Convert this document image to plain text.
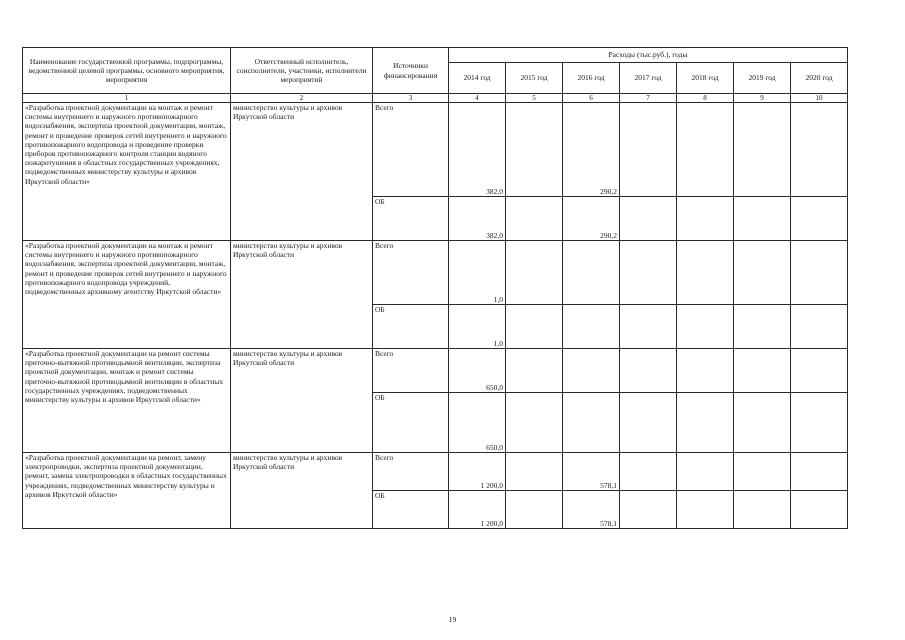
Наименование государственной программы, подпрограммы, ведомственной целевой программы, основного мероприятия, мероприятия	Ответственный исполнитель, соисполнители, участники, исполнители мероприятий	Источники финансирования	Расходы (тыс.руб.), годы						
			2014 год	2015 год	2016 год	2017 год	2018 год	2019 год	2020 год
1	2	3	4	5	6	7	8	9	10
«Разработка проектной документации на монтаж и ремонт системы внутреннего и наружного противопожарного водоснабжения, экспертиза проектной документации, монтаж, ремонт и проведение проверок сетей внутреннего и наружного противопожарного водопровода и проведение проверки приборов противопожарного контроля станции водяного пожаротушения в областных государственных учреждениях, подведомственных министерству культуры и архивов Иркутской области»	министерство культуры и архивов Иркутской области	Всего	382,0		290,2				
		ОБ	382,0		290,2				
«Разработка проектной документации на монтаж и ремонт системы внутреннего и наружного противопожарного водоснабжения, экспертиза проектной документации, монтаж, ремонт и проведение проверок сетей внутреннего и наружного противопожарного водопровода учреждений, подведомственных архивному агентству Иркутской области»	министерство культуры и архивов Иркутской области	Всего	1,0						
		ОБ	1,0						
«Разработка проектной документации на ремонт системы приточно-вытяжной противодымной вентиляции, экспертиза проектной документации, монтаж и ремонт системы приточно-вытяжной противодымной вентиляции в областных государственных учреждениях, подведомственных министерству культуры и архивов Иркутской области»	министерство культуры и архивов Иркутской области	Всего	650,0						
		ОБ	650,0						
«Разработка проектной документации на ремонт, замену электропроводки, экспертиза проектной документации, ремонт, замена электропроводки в областных государственных учреждениях, подведомственных министерству культуры и архивов Иркутской области»	министерство культуры и архивов Иркутской области	Всего	1 200,0		578,1				
		ОБ	1 200,0		578,1				
19
